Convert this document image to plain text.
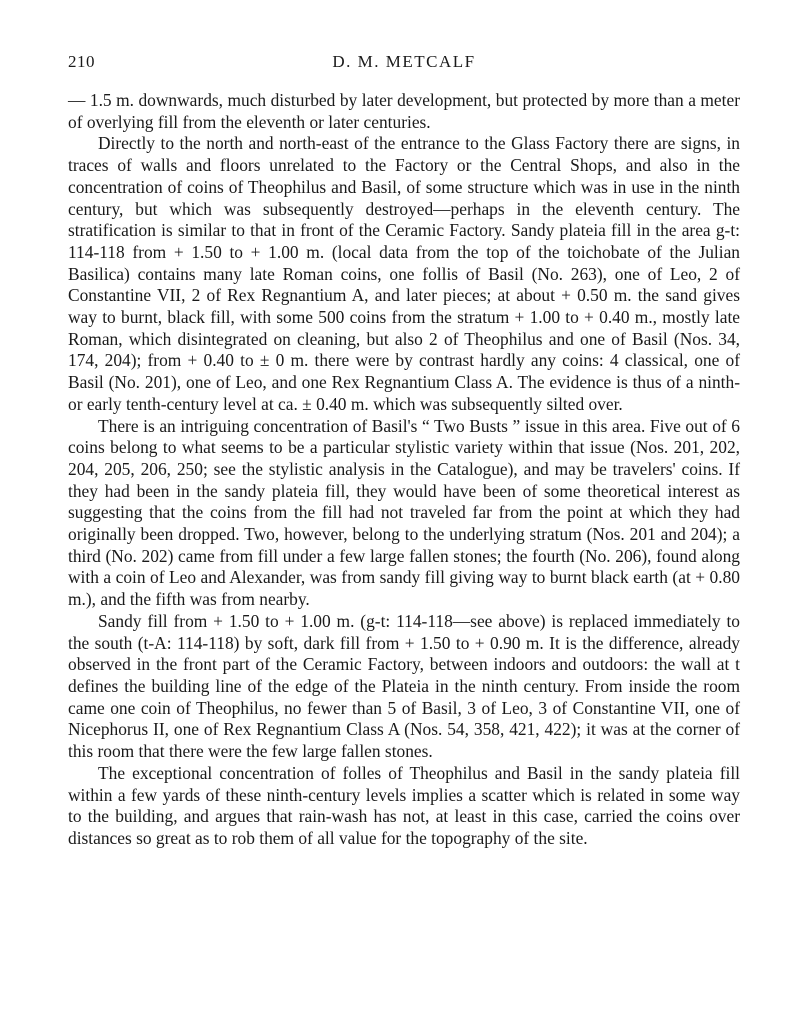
210	D. M. METCALF

— 1.5 m. downwards, much disturbed by later development, but protected by more than a meter of overlying fill from the eleventh or later centuries.

Directly to the north and north-east of the entrance to the Glass Factory there are signs, in traces of walls and floors unrelated to the Factory or the Central Shops, and also in the concentration of coins of Theophilus and Basil, of some structure which was in use in the ninth century, but which was subsequently destroyed—perhaps in the eleventh century. The stratification is similar to that in front of the Ceramic Factory. Sandy plateia fill in the area g-t: 114-118 from + 1.50 to + 1.00 m. (local data from the top of the toichobate of the Julian Basilica) contains many late Roman coins, one follis of Basil (No. 263), one of Leo, 2 of Constantine VII, 2 of Rex Regnantium A, and later pieces; at about + 0.50 m. the sand gives way to burnt, black fill, with some 500 coins from the stratum + 1.00 to + 0.40 m., mostly late Roman, which disintegrated on cleaning, but also 2 of Theophilus and one of Basil (Nos. 34, 174, 204); from + 0.40 to ± 0 m. there were by contrast hardly any coins: 4 classical, one of Basil (No. 201), one of Leo, and one Rex Regnantium Class A. The evidence is thus of a ninth- or early tenth-century level at ca. ± 0.40 m. which was subsequently silted over.

There is an intriguing concentration of Basil's “ Two Busts ” issue in this area. Five out of 6 coins belong to what seems to be a particular stylistic variety within that issue (Nos. 201, 202, 204, 205, 206, 250; see the stylistic analysis in the Catalogue), and may be travelers' coins. If they had been in the sandy plateia fill, they would have been of some theoretical interest as suggesting that the coins from the fill had not traveled far from the point at which they had originally been dropped. Two, however, belong to the underlying stratum (Nos. 201 and 204); a third (No. 202) came from fill under a few large fallen stones; the fourth (No. 206), found along with a coin of Leo and Alexander, was from sandy fill giving way to burnt black earth (at + 0.80 m.), and the fifth was from nearby.

Sandy fill from + 1.50 to + 1.00 m. (g-t: 114-118—see above) is replaced immediately to the south (t-A: 114-118) by soft, dark fill from + 1.50 to + 0.90 m. It is the difference, already observed in the front part of the Ceramic Factory, between indoors and outdoors: the wall at t defines the building line of the edge of the Plateia in the ninth century. From inside the room came one coin of Theophilus, no fewer than 5 of Basil, 3 of Leo, 3 of Constantine VII, one of Nicephorus II, one of Rex Regnantium Class A (Nos. 54, 358, 421, 422); it was at the corner of this room that there were the few large fallen stones.

The exceptional concentration of folles of Theophilus and Basil in the sandy plateia fill within a few yards of these ninth-century levels implies a scatter which is related in some way to the building, and argues that rain-wash has not, at least in this case, carried the coins over distances so great as to rob them of all value for the topography of the site.
